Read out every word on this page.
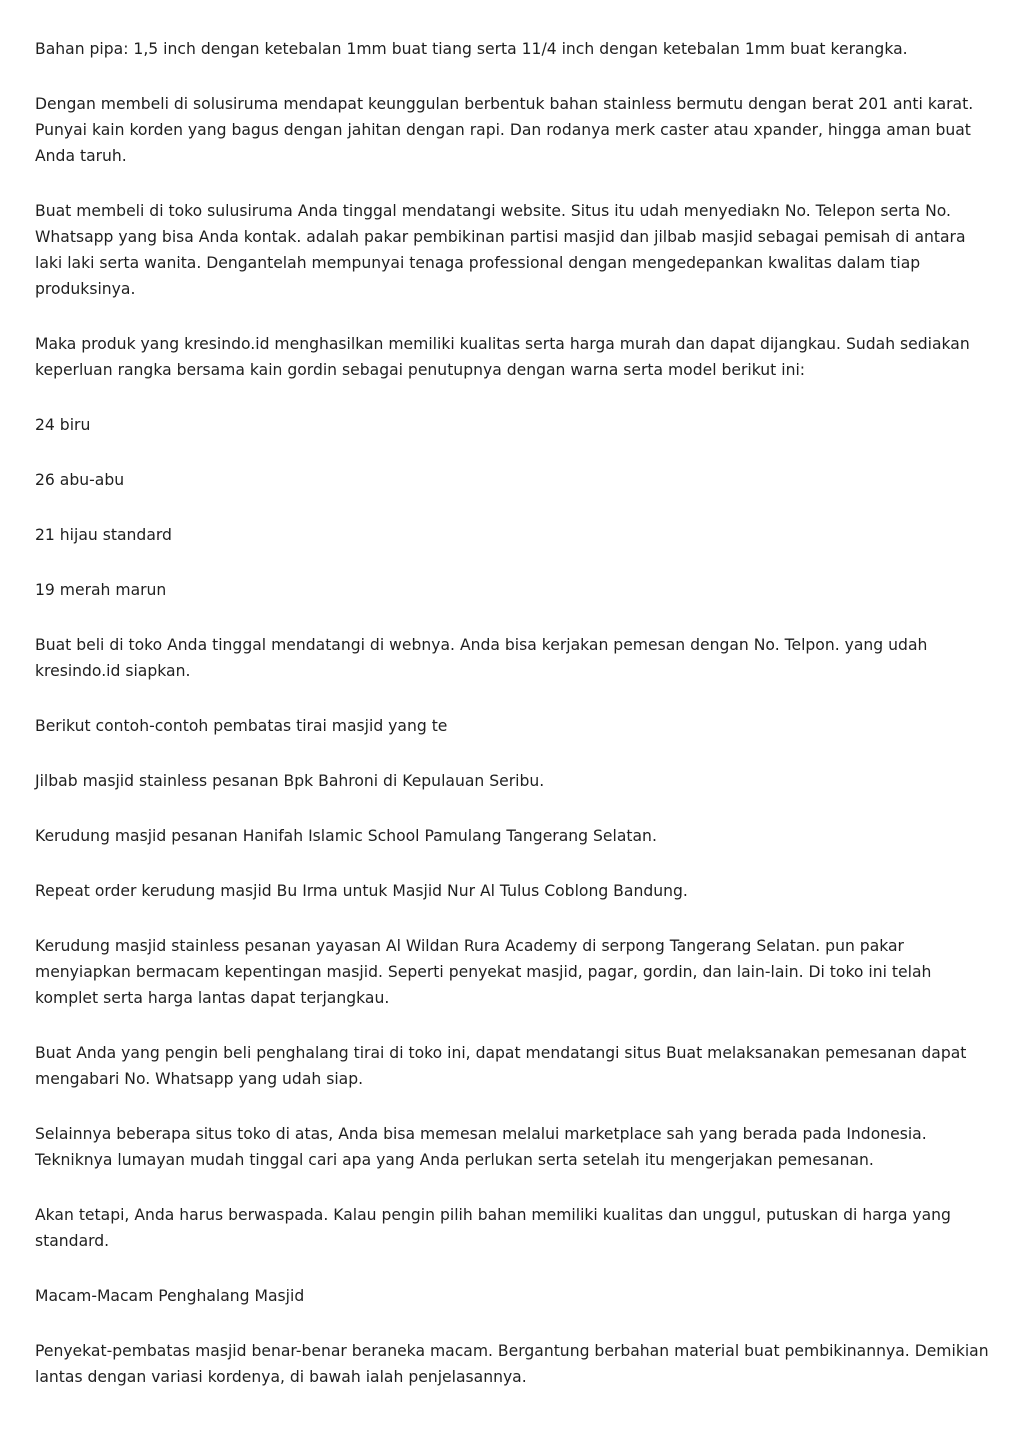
Bahan pipa: 1,5 inch dengan ketebalan 1mm buat tiang serta 11/4 inch dengan ketebalan 1mm buat kerangka.

Dengan membeli di solusiruma mendapat keunggulan berbentuk bahan stainless bermutu dengan berat 201 anti karat. Punyai kain korden yang bagus dengan jahitan dengan rapi. Dan rodanya merk caster atau xpander, hingga aman buat Anda taruh.

Buat membeli di toko sulusiruma Anda tinggal mendatangi website. Situs itu udah menyediakn No. Telepon serta No. Whatsapp yang bisa Anda kontak. adalah pakar pembikinan partisi masjid dan jilbab masjid sebagai pemisah di antara laki laki serta wanita. Dengantelah mempunyai tenaga professional dengan mengedepankan kwalitas dalam tiap produksinya.

Maka produk yang kresindo.id menghasilkan memiliki kualitas serta harga murah dan dapat dijangkau. Sudah sediakan keperluan rangka bersama kain gordin sebagai penutupnya dengan warna serta model berikut ini:

24 biru

26 abu-abu

21 hijau standard

19 merah marun

Buat beli di toko Anda tinggal mendatangi di webnya. Anda bisa kerjakan pemesan dengan No. Telpon. yang udah kresindo.id siapkan.

Berikut contoh-contoh pembatas tirai masjid yang te

Jilbab masjid stainless pesanan Bpk Bahroni di Kepulauan Seribu.

Kerudung masjid pesanan Hanifah Islamic School Pamulang Tangerang Selatan.

Repeat order kerudung masjid Bu Irma untuk Masjid Nur Al Tulus Coblong Bandung.

Kerudung masjid stainless pesanan yayasan Al Wildan Rura Academy di serpong Tangerang Selatan. pun pakar menyiapkan bermacam kepentingan masjid. Seperti penyekat masjid, pagar, gordin, dan lain-lain. Di toko ini telah komplet serta harga lantas dapat terjangkau.

Buat Anda yang pengin beli penghalang tirai di toko ini, dapat mendatangi situs Buat melaksanakan pemesanan dapat mengabari No. Whatsapp yang udah siap.

Selainnya beberapa situs toko di atas, Anda bisa memesan melalui marketplace sah yang berada pada Indonesia. Tekniknya lumayan mudah tinggal cari apa yang Anda perlukan serta setelah itu mengerjakan pemesanan.

Akan tetapi, Anda harus berwaspada. Kalau pengin pilih bahan memiliki kualitas dan unggul, putuskan di harga yang standard.

Macam-Macam Penghalang Masjid

Penyekat-pembatas masjid benar-benar beraneka macam. Bergantung berbahan material buat pembikinannya. Demikian lantas dengan variasi kordenya, di bawah ialah penjelasannya.
